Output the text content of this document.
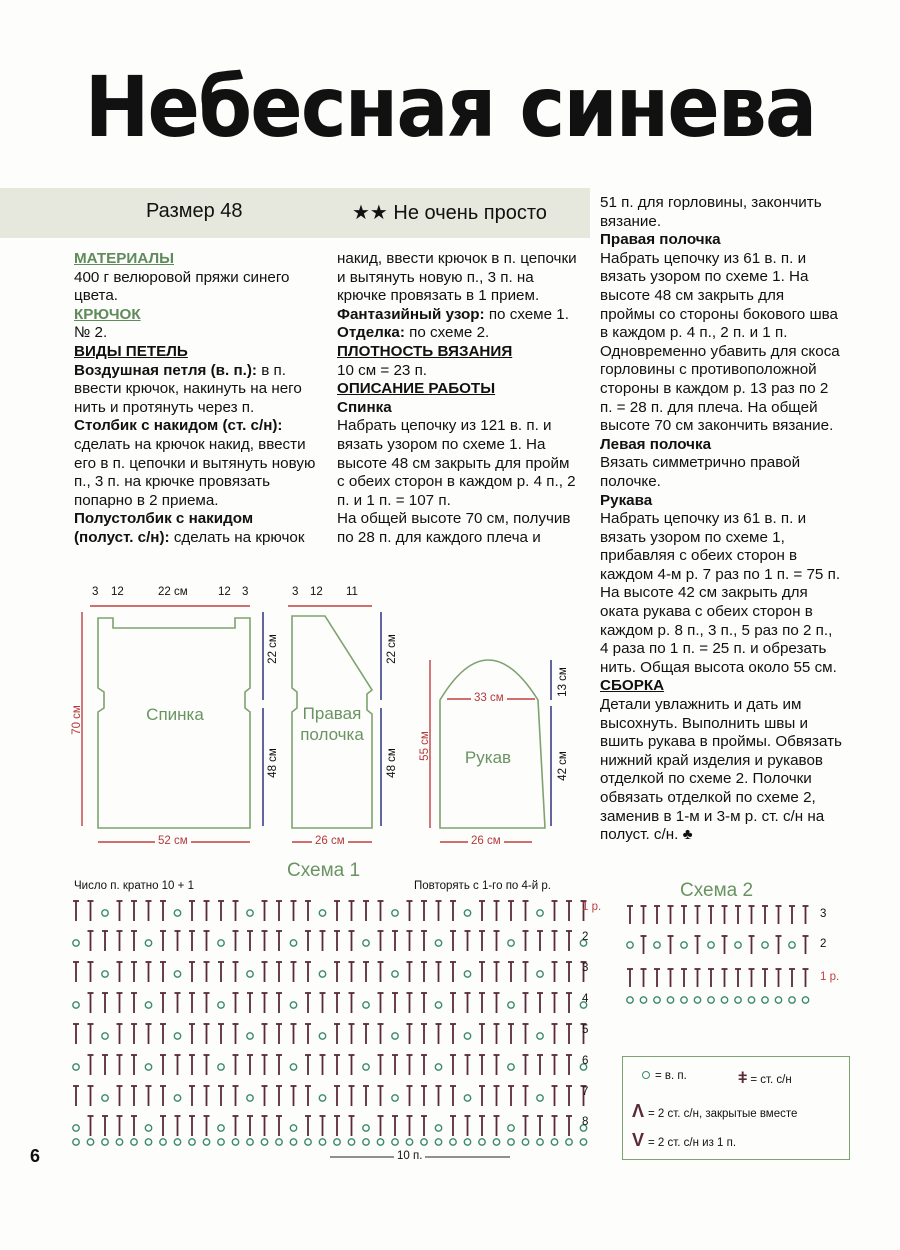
Небесная синева
Размер 48	★★ Не очень просто

МАТЕРИАЛЫ

400 г велюровой пряжи синего цвета.

КРЮЧОК

№ 2.

ВИДЫ ПЕТЕЛЬ

Воздушная петля (в. п.): в п. ввести крючок, накинуть на него нить и протянуть через п.

Столбик с накидом (ст. с/н): сделать на крючок накид, ввести его в п. цепочки и вытянуть новую п., 3 п. на крючке провязать попарно в 2 приема.

Полустолбик с накидом (полуст. с/н): сделать на крючок

накид, ввести крючок в п. цепочки и вытянуть новую п., 3 п. на крючке провязать в 1 прием.

Фантазийный узор: по схеме 1.

Отделка: по схеме 2.

ПЛОТНОСТЬ ВЯЗАНИЯ

10 см = 23 п.

ОПИСАНИЕ РАБОТЫ

Спинка

Набрать цепочку из 121 в. п. и вязать узором по схеме 1. На высоте 48 см закрыть для пройм с обеих сторон в каждом р. 4 п., 2 п. и 1 п. = 107 п.

На общей высоте 70 см, получив по 28 п. для каждого плеча и

51 п. для горловины, закончить вязание.

Правая полочка

Набрать цепочку из 61 в. п. и вязать узором по схеме 1. На высоте 48 см закрыть для проймы со стороны бокового шва в каждом р. 4 п., 2 п. и 1 п. Одновременно убавить для скоса горловины с противоположной стороны в каждом р. 13 раз по 2 п. = 28 п. для плеча. На общей высоте 70 см закончить вязание.

Левая полочка

Вязать симметрично правой полочке.

Рукава

Набрать цепочку из 61 в. п. и вязать узором по схеме 1, прибавляя с обеих сторон в каждом 4-м р. 7 раз по 1 п. = 75 п. На высоте 42 см закрыть для оката рукава с обеих сторон в каждом р. 8 п., 3 п., 5 раз по 2 п., 4 раза по 1 п. = 25 п. и обрезать нить. Общая высота около 55 см.

СБОРКА

Детали увлажнить и дать им высохнуть. Выполнить швы и вшить рукава в проймы. Обвязать нижний край изделия и рукавов отделкой по схеме 2. Полочки обвязать отделкой по схеме 2, заменив в 1-м и 3-м р. ст. с/н на полуст. с/н. ♣

Спинка	Правая полочка
Рукав
3 12	22 см	12 3
70 см
22 см
48 см
52 см
3 12 11
22 см
48 см
26 см
33 см
13 см
55 см
42 см
26 см
Схема 1
Число п. кратно 10 + 1	Повторять с 1-го по 4-й р.
8
7
6
5
4
3
2
1 р.
10 п.
Схема 2
3
2
1 р.
= в. п.	ǂ = ст. с/н
Λ = 2 ст. с/н, закрытые вместе
V = 2 ст. с/н из 1 п.
6
